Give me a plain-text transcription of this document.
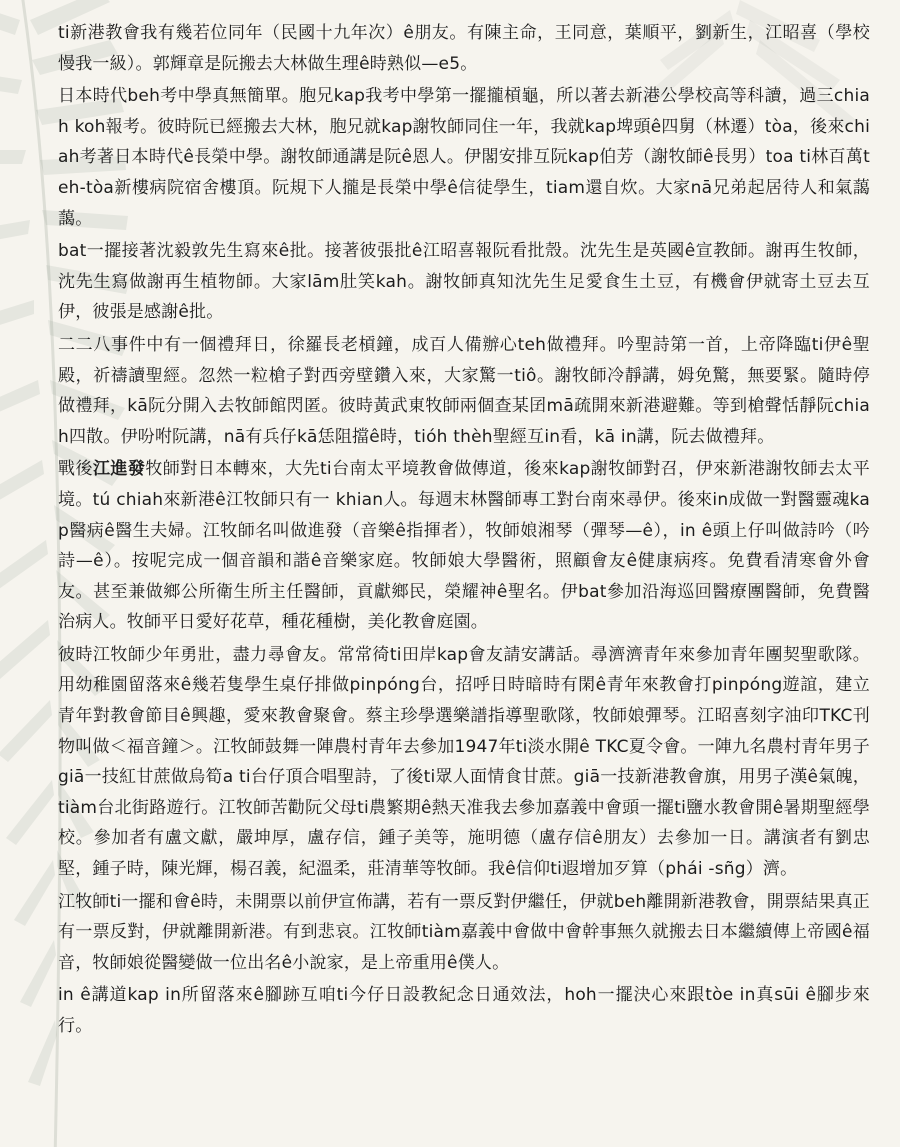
ti新港教會我有幾若位同年（民國十九年次）ê朋友。有陳主命，王同意，葉順平，劉新生，江昭喜（學校慢我一級）。郭輝章是阮搬去大林做生理ê時熟似—e5。

日本時代beh考中學真無簡單。胞兄kap我考中學第一擺攏槓龜，所以著去新港公學校高等科讀，過三chiah koh報考。彼時阮已經搬去大林，胞兄就kap謝牧師同住一年，我就kap埤頭ê四舅（林遷）tòa，後來chiah考著日本時代ê長榮中學。謝牧師通講是阮ê恩人。伊閣安排互阮kap伯芳（謝牧師ê長男）toa ti林百萬teh-tòa新樓病院宿舍樓頂。阮規下人攏是長榮中學ê信徒學生，tiam還自炊。大家nā兄弟起居待人和氣藹藹。

bat一擺接著沈毅敦先生寫來ê批。接著彼張批ê江昭喜報阮看批殼。沈先生是英國ê宣教師。謝再生牧師，沈先生寫做謝再生植物師。大家lām肚笑kah。謝牧師真知沈先生足愛食生土豆，有機會伊就寄土豆去互伊，彼張是感謝ê批。

二二八事件中有一個禮拜日，徐羅長老槓鐘，成百人備辦心teh做禮拜。吟聖詩第一首，上帝降臨ti伊ê聖殿，祈禱讀聖經。忽然一粒槍子對西旁壁鑽入來，大家驚一tiô。謝牧師冷靜講，姆免驚，無要緊。隨時停做禮拜，kā阮分開入去牧師館閃匿。彼時黃武東牧師兩個查某囝mā疏開來新港避難。等到槍聲恬靜阮chiah四散。伊吩咐阮講，nā有兵仔kā恁阻擋ê時，tióh thèh聖經互in看，kā in講，阮去做禮拜。

戰後江進發牧師對日本轉來，大先ti台南太平境教會做傳道，後來kap謝牧師對召，伊來新港謝牧師去太平境。tú chiah來新港ê江牧師只有一 khian人。每週末林醫師專工對台南來尋伊。後來in成做一對醫靈魂kap醫病ê醫生夫婦。江牧師名叫做進發（音樂ê指揮者），牧師娘湘琴（彈琴—ê），in ê頭上仔叫做詩吟（吟詩—ê）。按呢完成一個音韻和諧ê音樂家庭。牧師娘大學醫術，照顧會友ê健康病疼。免費看清寒會外會友。甚至兼做鄉公所衛生所主任醫師，貢獻鄉民，榮耀神ê聖名。伊bat參加沿海巡回醫療團醫師，免費醫治病人。牧師平日愛好花草，種花種樹，美化教會庭園。

彼時江牧師少年勇壯，盡力尋會友。常常徛ti田岸kap會友請安講話。尋濟濟青年來參加青年團契聖歌隊。用幼稚園留落來ê幾若隻學生桌仔排做pinpóng台，招呼日時暗時有閑ê青年來教會打pinpóng遊誼，建立青年對教會節目ê興趣，愛來教會聚會。蔡主珍學選樂譜指導聖歌隊，牧師娘彈琴。江昭喜刻字油印TKC刊物叫做＜福音鐘＞。江牧師鼓舞一陣農村青年去參加1947年ti淡水開ê TKC夏令會。一陣九名農村青年男子giā一技紅甘蔗做烏筍a ti台仔頂合唱聖詩，了後ti眾人面情食甘蔗。giā一技新港教會旗，用男子漢ê氣魄，tiàm台北街路遊行。江牧師苦勸阮父母ti農繁期ê熱天准我去參加嘉義中會頭一擺ti鹽水教會開ê暑期聖經學校。參加者有盧文獻，嚴坤厚，盧存信，鍾子美等，施明德（盧存信ê朋友）去參加一日。講演者有劉忠堅，鍾子時，陳光輝，楊召義，紀溫柔，莊清華等牧師。我ê信仰ti遐增加歹算（phái -sñg）濟。

江牧師ti一擺和會ê時，未開票以前伊宣佈講，若有一票反對伊繼任，伊就beh離開新港教會，開票結果真正有一票反對，伊就離開新港。有到悲哀。江牧師tiàm嘉義中會做中會幹事無久就搬去日本繼續傳上帝國ê福音，牧師娘從醫變做一位出名ê小說家，是上帝重用ê僕人。

in ê講道kap in所留落來ê腳跡互咱ti今仔日設教紀念日通效法，hoh一擺決心來跟tòe in真sūi ê腳步來行。
